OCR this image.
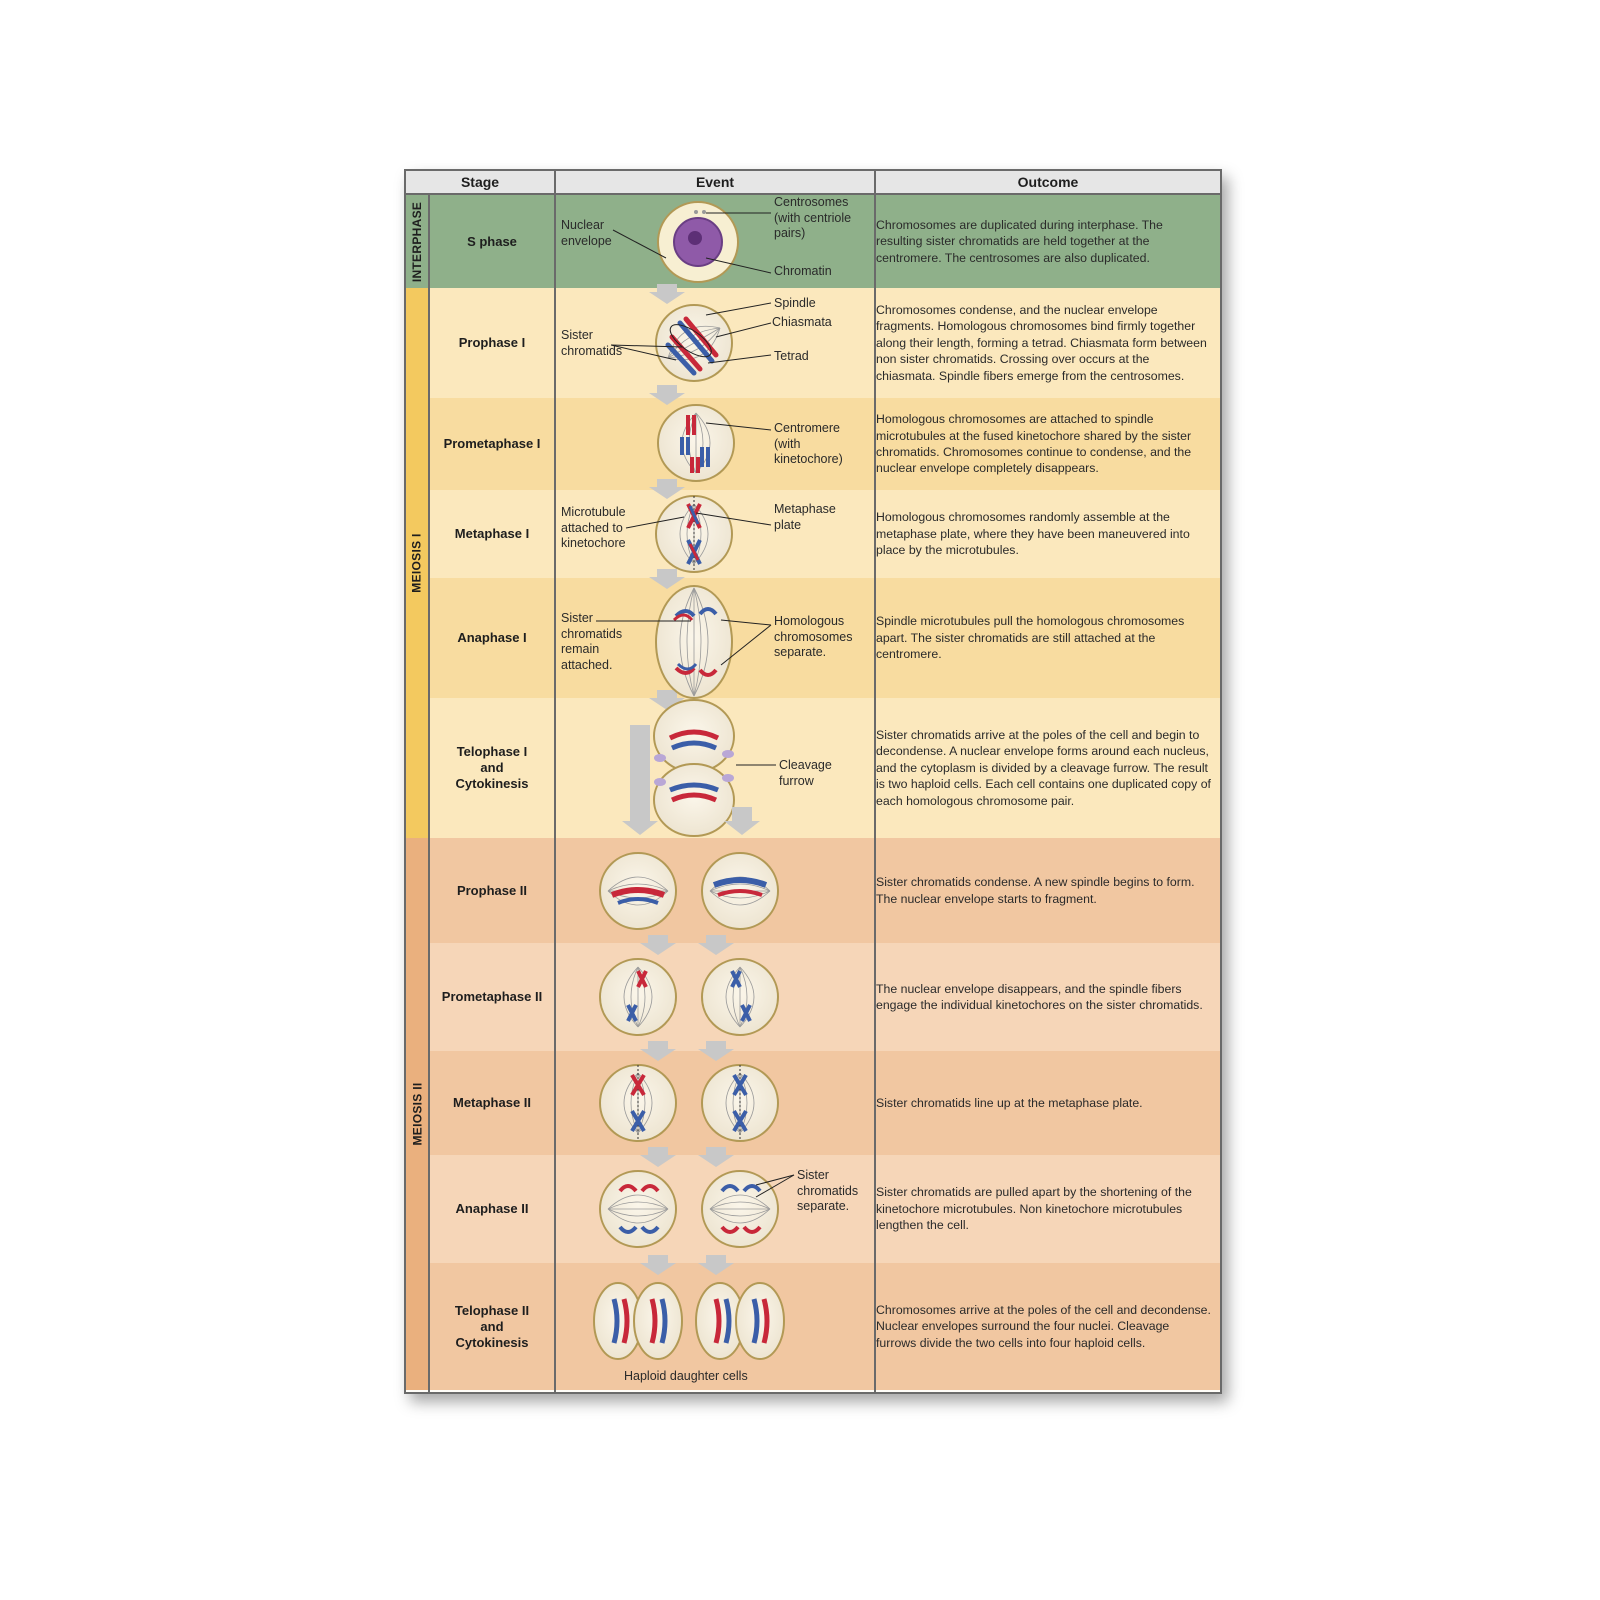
Stage	Event	Outcome
INTERPHASE
MEIOSIS I
MEIOSIS II
S phase
Prophase I
Prometaphase I
Metaphase I
Anaphase I
Telophase I
and
Cytokinesis
Prophase II
Prometaphase II
Metaphase II
Anaphase II
Telophase II
and
Cytokinesis
Chromosomes are duplicated during interphase. The resulting sister chromatids are held together at the centromere. The centrosomes are also duplicated.
Chromosomes condense, and the nuclear envelope fragments. Homologous chromosomes bind firmly together along their length, forming a tetrad. Chiasmata form between non sister chromatids. Crossing over occurs at the chiasmata. Spindle fibers emerge from the centrosomes.
Homologous chromosomes are attached to spindle microtubules at the fused kinetochore shared by the sister chromatids. Chromosomes continue to condense, and the nuclear envelope completely disappears.
Homologous chromosomes randomly assemble at the metaphase plate, where they have been maneuvered into place by the microtubules.
Spindle microtubules pull the homologous chromosomes apart. The sister chromatids are still attached at the centromere.
Sister chromatids arrive at the poles of the cell and begin to decondense. A nuclear envelope forms around each nucleus, and the cytoplasm is divided by a cleavage furrow. The result is two haploid cells. Each cell contains one duplicated copy of each homologous chromosome pair.
Sister chromatids condense. A new spindle begins to form. The nuclear envelope starts to fragment.
The nuclear envelope disappears, and the spindle fibers engage the individual kinetochores on the sister chromatids.
Sister chromatids line up at the metaphase plate.
Sister chromatids are pulled apart by the shortening of the kinetochore microtubules. Non kinetochore microtubules lengthen the cell.
Chromosomes arrive at the poles of the cell and decondense. Nuclear envelopes surround the four nuclei. Cleavage furrows divide the two cells into four haploid cells.
Nuclear
envelope
Centrosomes
(with centriole
pairs)
Chromatin
Spindle
Chiasmata
Tetrad
Sister
chromatids
Centromere
(with
kinetochore)
Microtubule
attached to
kinetochore
Metaphase
plate
Sister
chromatids
remain
attached.
Homologous
chromosomes
separate.
Cleavage
furrow
Sister
chromatids
separate.
Haploid daughter cells
